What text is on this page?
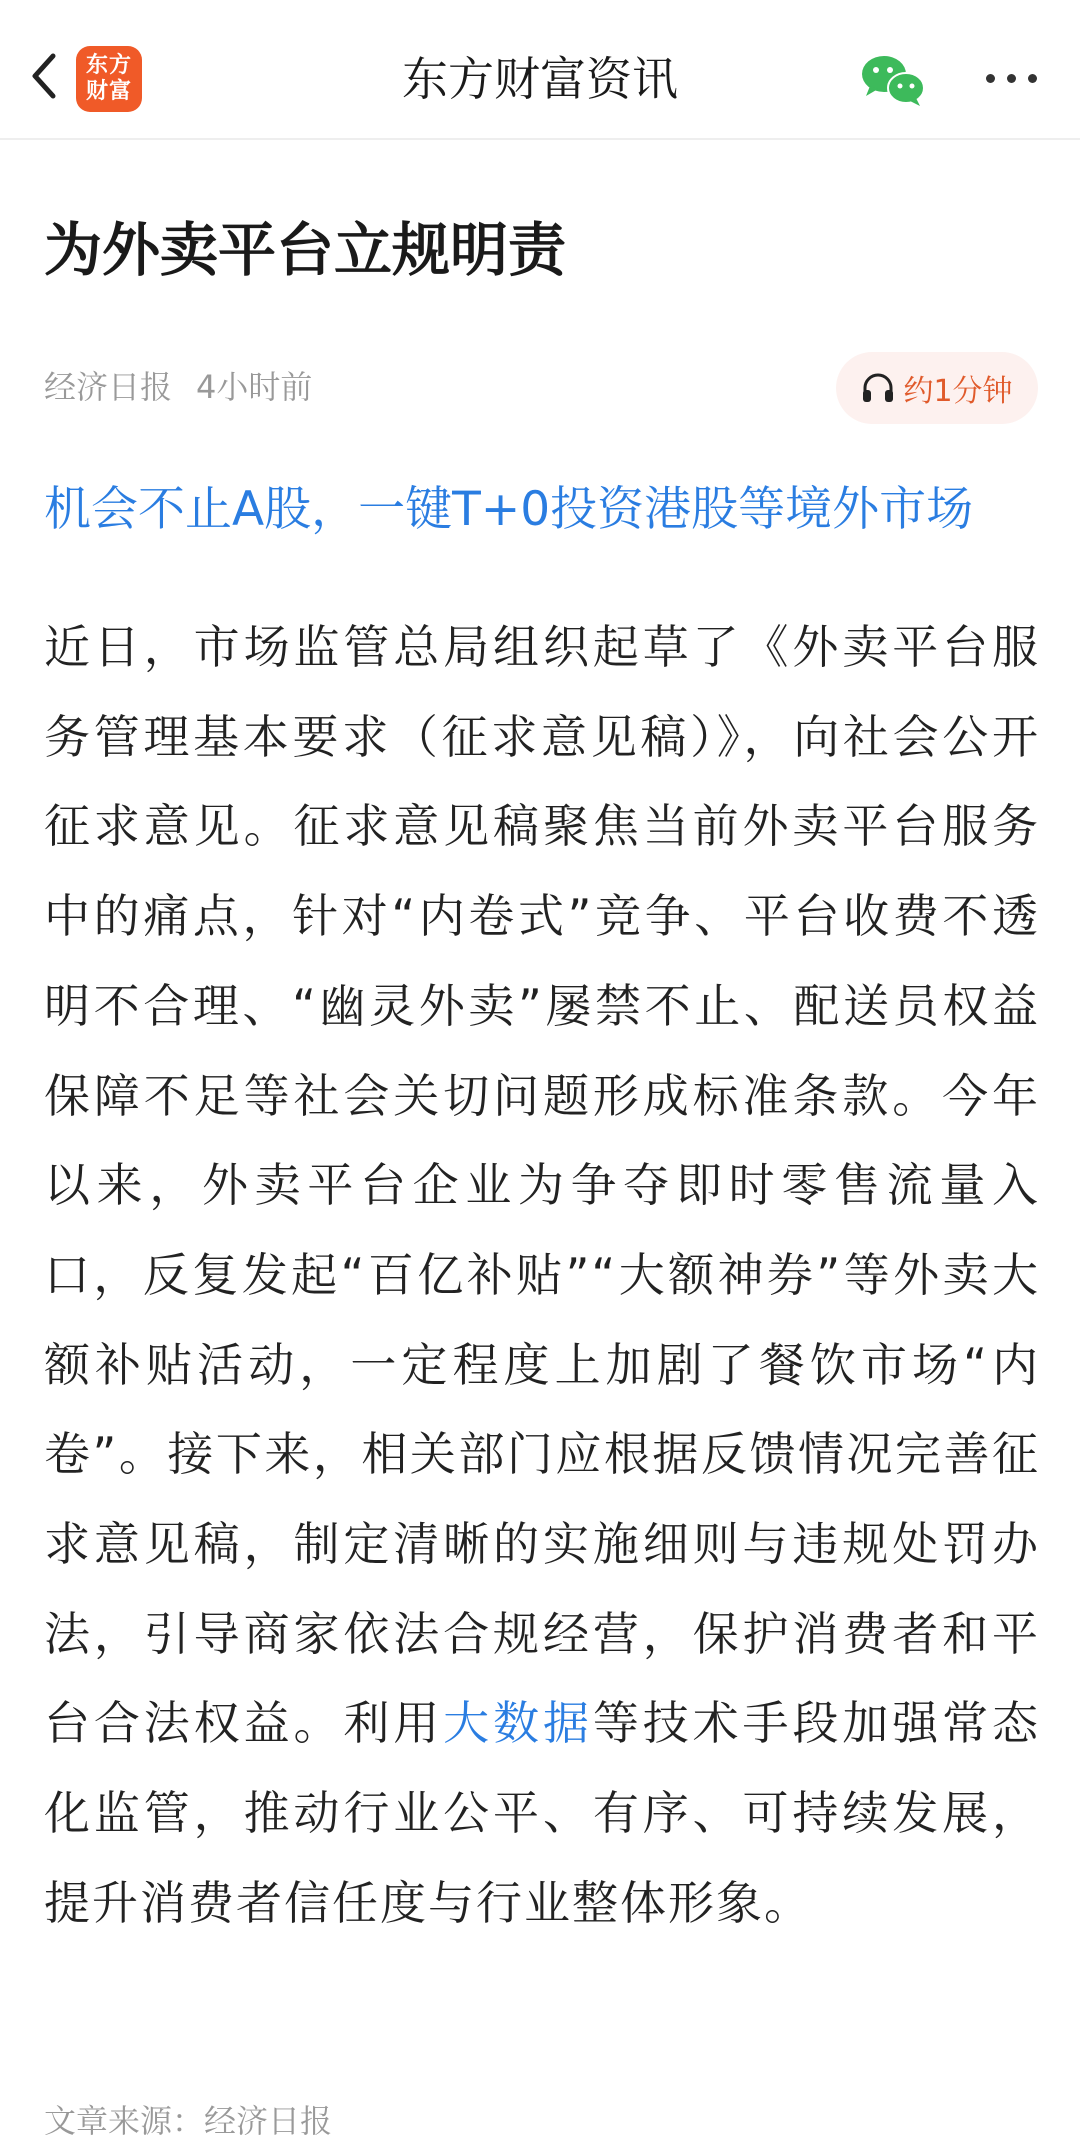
东方财富	东方财富资讯
为外卖平台立规明责
经济日报 4小时前	约1分钟
机会不止A股，一键T+0投资港股等境外市场

近日，市场监管总局组织起草了《外卖平台服务管理基本要求（征求意见稿）》，向社会公开征求意见。征求意见稿聚焦当前外卖平台服务中的痛点，针对“内卷式”竞争、平台收费不透明不合理、“幽灵外卖”屡禁不止、配送员权益保障不足等社会关切问题形成标准条款。今年以来，外卖平台企业为争夺即时零售流量入口，反复发起“百亿补贴”“大额神券”等外卖大额补贴活动，一定程度上加剧了餐饮市场“内卷”。接下来，相关部门应根据反馈情况完善征求意见稿，制定清晰的实施细则与违规处罚办法，引导商家依法合规经营，保护消费者和平台合法权益。利用大数据等技术手段加强常态化监管，推动行业公平、有序、可持续发展，提升消费者信任度与行业整体形象。

文章来源：经济日报
